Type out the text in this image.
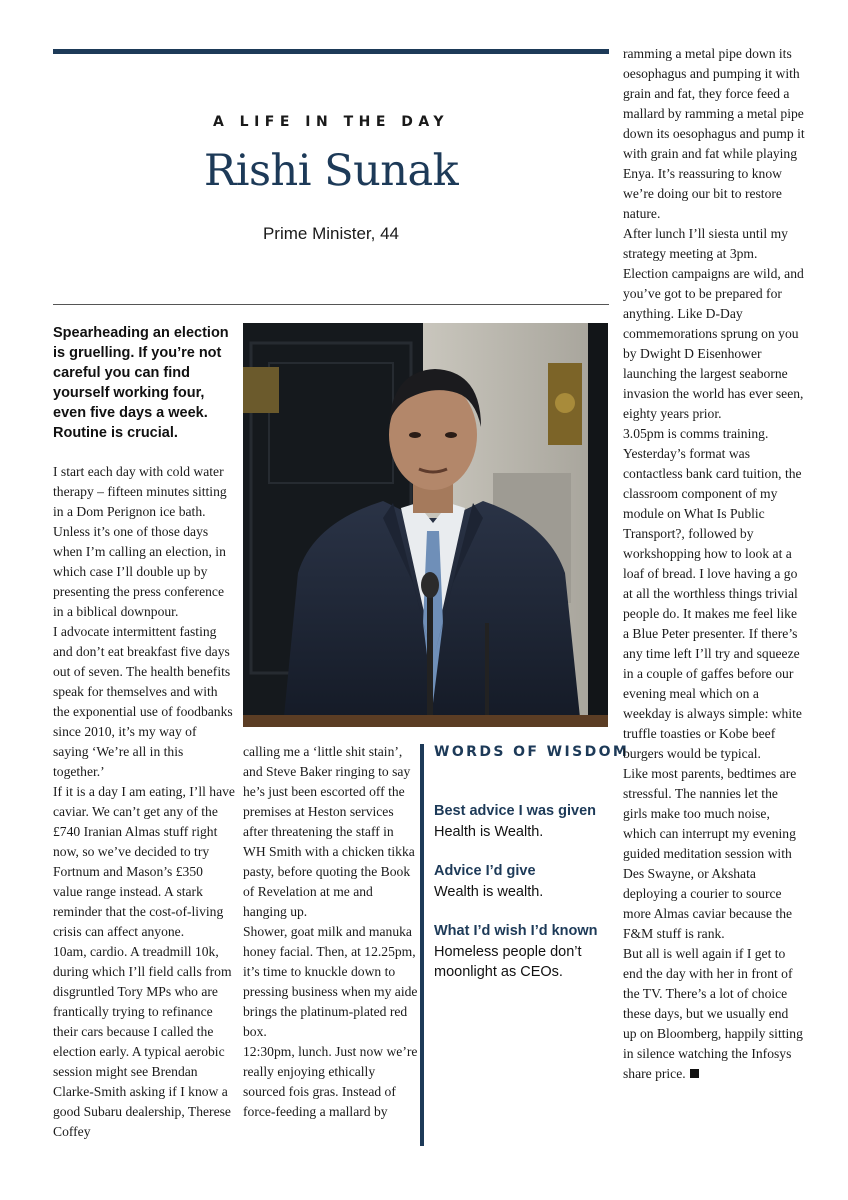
A LIFE IN THE DAY
Rishi Sunak
Prime Minister, 44
Spearheading an election is gruelling. If you’re not careful you can find yourself working four, even five days a week. Routine is crucial.

I start each day with cold water therapy – fifteen minutes sitting in a Dom Perignon ice bath. Unless it’s one of those days when I’m calling an election, in which case I’ll double up by presenting the press conference in a biblical downpour.

I advocate intermittent fasting and don’t eat breakfast five days out of seven. The health benefits speak for themselves and with the exponential use of foodbanks since 2010, it’s my way of saying ‘We’re all in this together.’

If it is a day I am eating, I’ll have caviar. We can’t get any of the £740 Iranian Almas stuff right now, so we’ve decided to try Fortnum and Mason’s £350 value range instead. A stark reminder that the cost-of-living crisis can affect anyone.

10am, cardio. A treadmill 10k, during which I’ll field calls from disgruntled Tory MPs who are frantically trying to refinance their cars because I called the election early. A typical aerobic session might see Brendan Clarke-Smith asking if I know a good Subaru dealership, Therese Coffey

calling me a ‘little shit stain’, and Steve Baker ringing to say he’s just been escorted off the premises at Heston services after threatening the staff in WH Smith with a chicken tikka pasty, before quoting the Book of Revelation at me and hanging up.

Shower, goat milk and manuka honey facial. Then, at 12.25pm, it’s time to knuckle down to pressing business when my aide brings the platinum-plated red box.

12:30pm, lunch. Just now we’re really enjoying ethically sourced fois gras. Instead of force-feeding a mallard by

WORDS OF WISDOM
Best advice I was given
Health is Wealth.
Advice I’d give
Wealth is wealth.
What I’d wish I’d known
Homeless people don’t moonlight as CEOs.

ramming a metal pipe down its oesophagus and pumping it with grain and fat, they force feed a mallard by ramming a metal pipe down its oesophagus and pump it with grain and fat while playing Enya. It’s reassuring to know we’re doing our bit to restore nature.

After lunch I’ll siesta until my strategy meeting at 3pm. Election campaigns are wild, and you’ve got to be prepared for anything. Like D-Day commemorations sprung on you by Dwight D Eisenhower launching the largest seaborne invasion the world has ever seen, eighty years prior.

3.05pm is comms training. Yesterday’s format was contactless bank card tuition, the classroom component of my module on What Is Public Transport?, followed by workshopping how to look at a loaf of bread. I love having a go at all the worthless things trivial people do. It makes me feel like a Blue Peter presenter. If there’s any time left I’ll try and squeeze in a couple of gaffes before our evening meal which on a weekday is always simple: white truffle toasties or Kobe beef burgers would be typical.

Like most parents, bedtimes are stressful. The nannies let the girls make too much noise, which can interrupt my evening guided meditation session with Des Swayne, or Akshata deploying a courier to source more Almas caviar because the F&M stuff is rank.

But all is well again if I get to end the day with her in front of the TV. There’s a lot of choice these days, but we usually end up on Bloomberg, happily sitting in silence watching the Infosys share price.
